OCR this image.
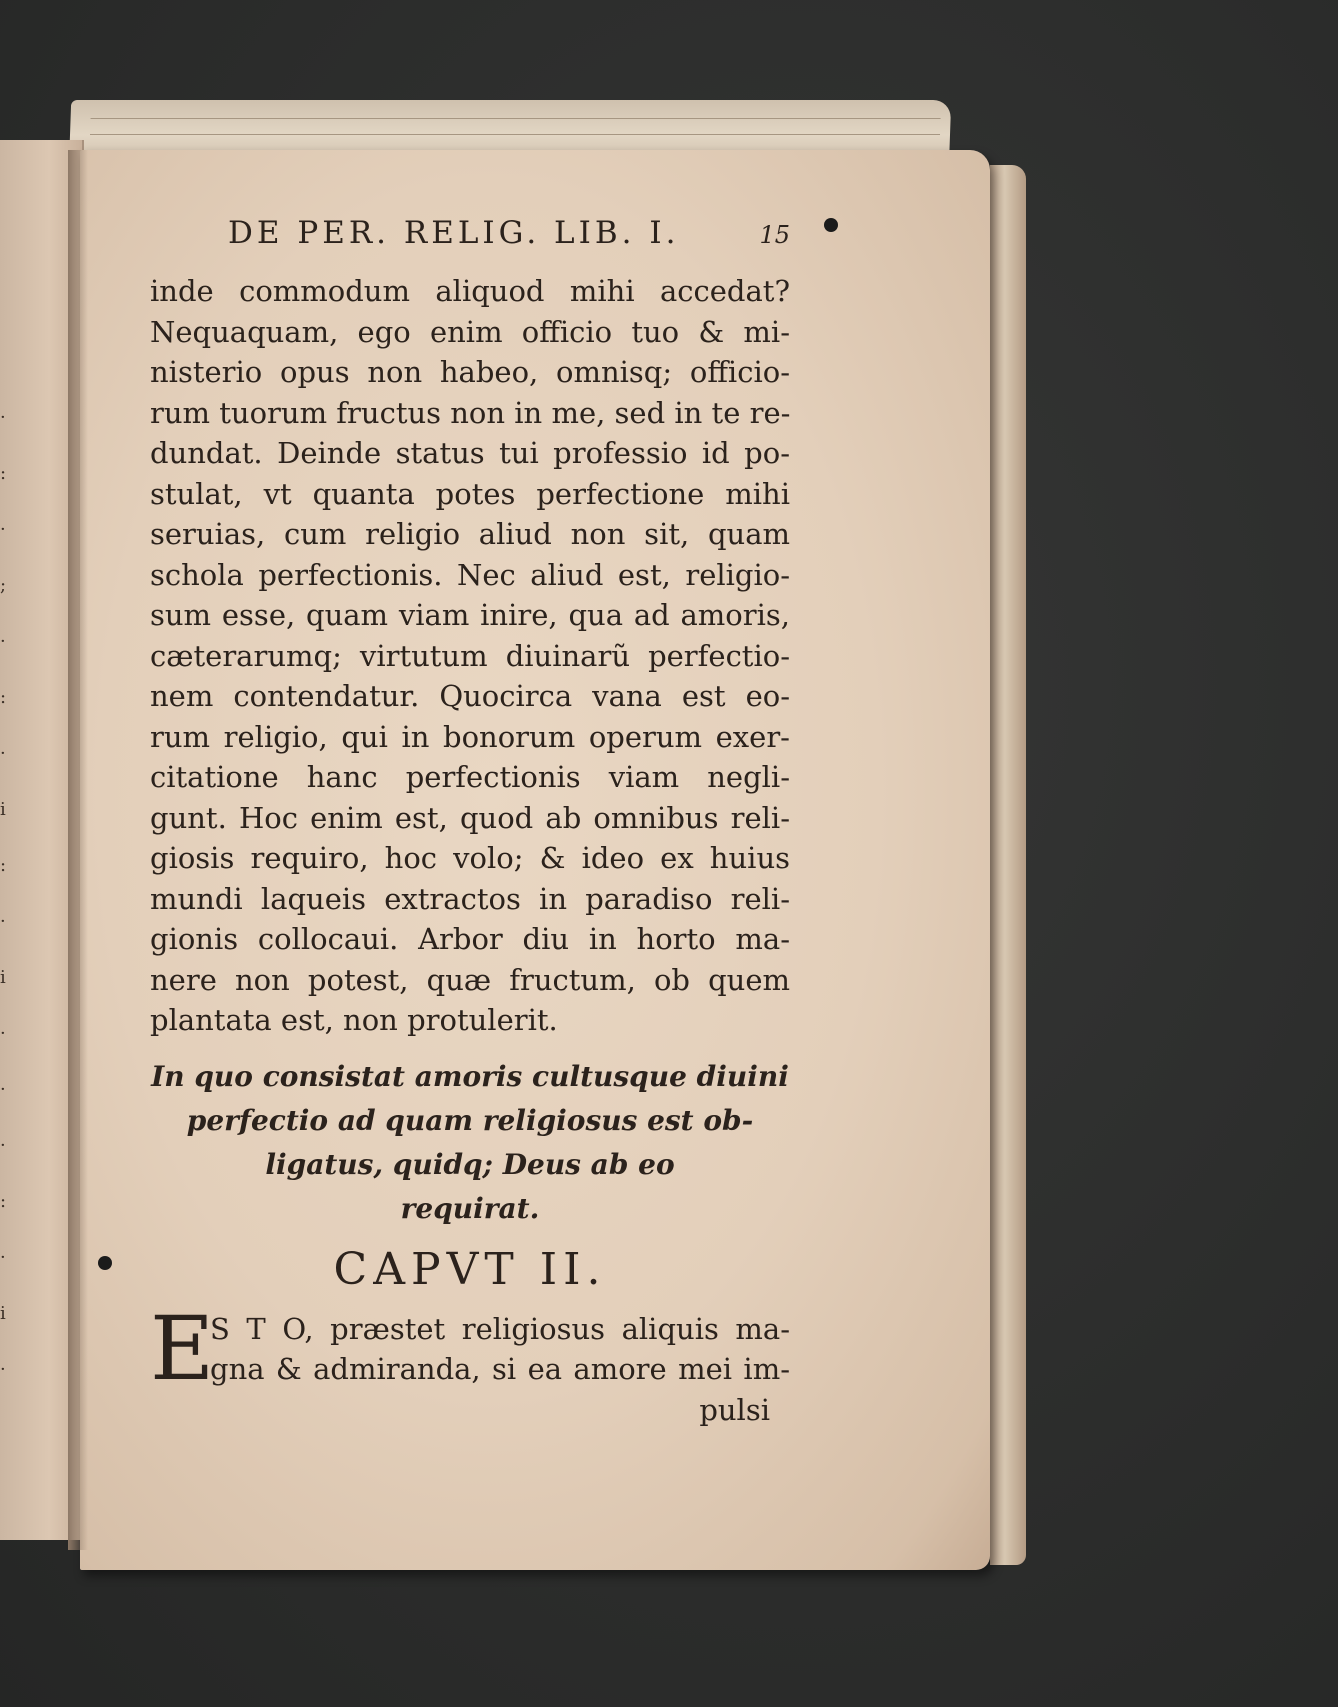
·
:
·
;
·
:
·
i
:
·
i
·
·
·
:
·
i
·
DE PER. RELIG. LIB. I.	15
inde commodum aliquod mihi accedat?
Nequaquam, ego enim officio tuo & mi-
nisterio opus non habeo, omnisq; officio-
rum tuorum fructus non in me, sed in te re-
dundat. Deinde status tui professio id po-
stulat, vt quanta potes perfectione mihi
seruias, cum religio aliud non sit, quam
schola perfectionis. Nec aliud est, religio-
sum esse, quam viam inire, qua ad amoris,
cæterarumq; virtutum diuinarũ perfectio-
nem contendatur. Quocirca vana est eo-
rum religio, qui in bonorum operum exer-
citatione hanc perfectionis viam negli-
gunt. Hoc enim est, quod ab omnibus reli-
giosis requiro, hoc volo; & ideo ex huius
mundi laqueis extractos in paradiso reli-
gionis collocaui. Arbor diu in horto ma-
nere non potest, quæ fructum, ob quem
plantata est, non protulerit.
In quo consistat amoris cultusque diuini
perfectio ad quam religiosus est ob-
ligatus, quidq; Deus ab eo
requirat.
CAPVT II.
E
S T O, præstet religiosus aliquis ma-
gna & admiranda, si ea amore mei im-
pulsi
